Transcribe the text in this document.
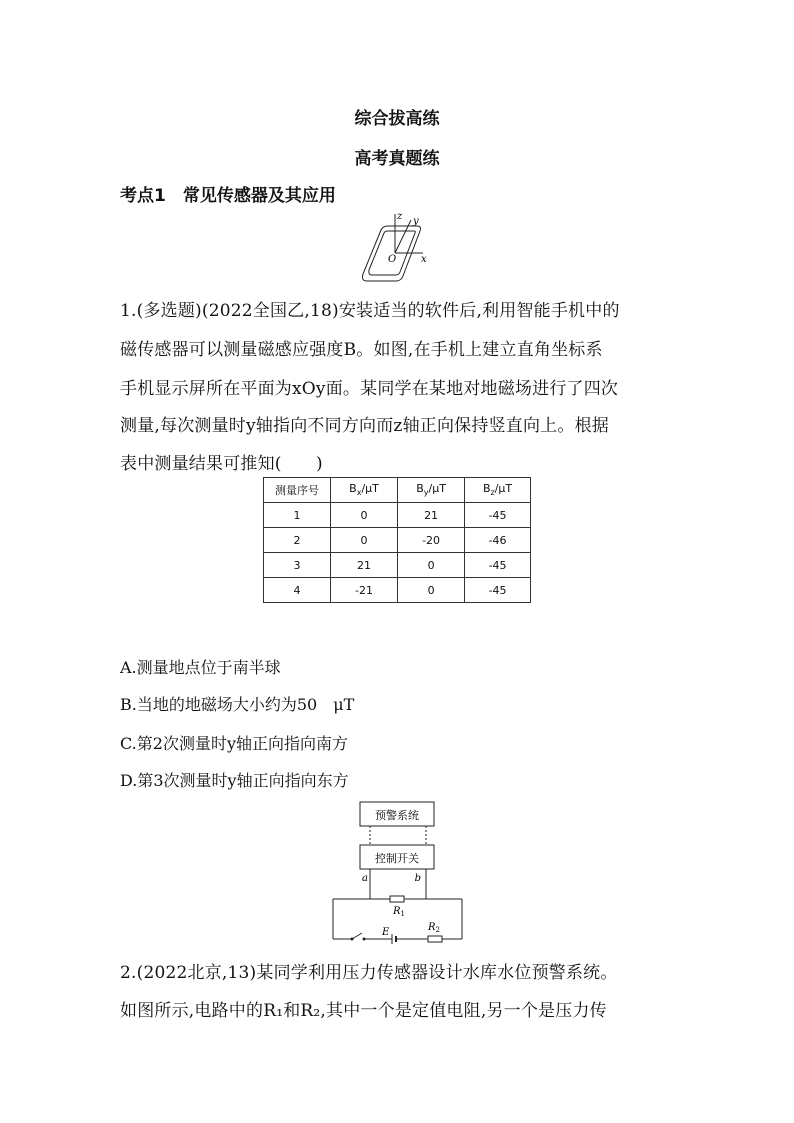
综合拔高练
高考真题练
考点1　常见传感器及其应用
z y
x
O
1.(多选题)(2022全国乙,18)安装适当的软件后,利用智能手机中的
磁传感器可以测量磁感应强度B。如图,在手机上建立直角坐标系
手机显示屏所在平面为xOy面。某同学在某地对地磁场进行了四次
测量,每次测量时y轴指向不同方向而z轴正向保持竖直向上。根据
表中测量结果可推知(　　)
测量序号	$B_x/\mu T$	$B_y/\mu T$	$B_z/\mu T$
1	0	21	-45
2	0	-20	-46
3	21	0	-45
4	-21	0	-45
A.测量地点位于南半球
B.当地的地磁场大小约为50　μT
C.第2次测量时y轴正向指向南方
D.第3次测量时y轴正向指向东方
预警系统
控制开关
a	b
$R_1$
$R_2$
E
2.(2022北京,13)某同学利用压力传感器设计水库水位预警系统。
如图所示,电路中的R₁和R₂,其中一个是定值电阻,另一个是压力传
